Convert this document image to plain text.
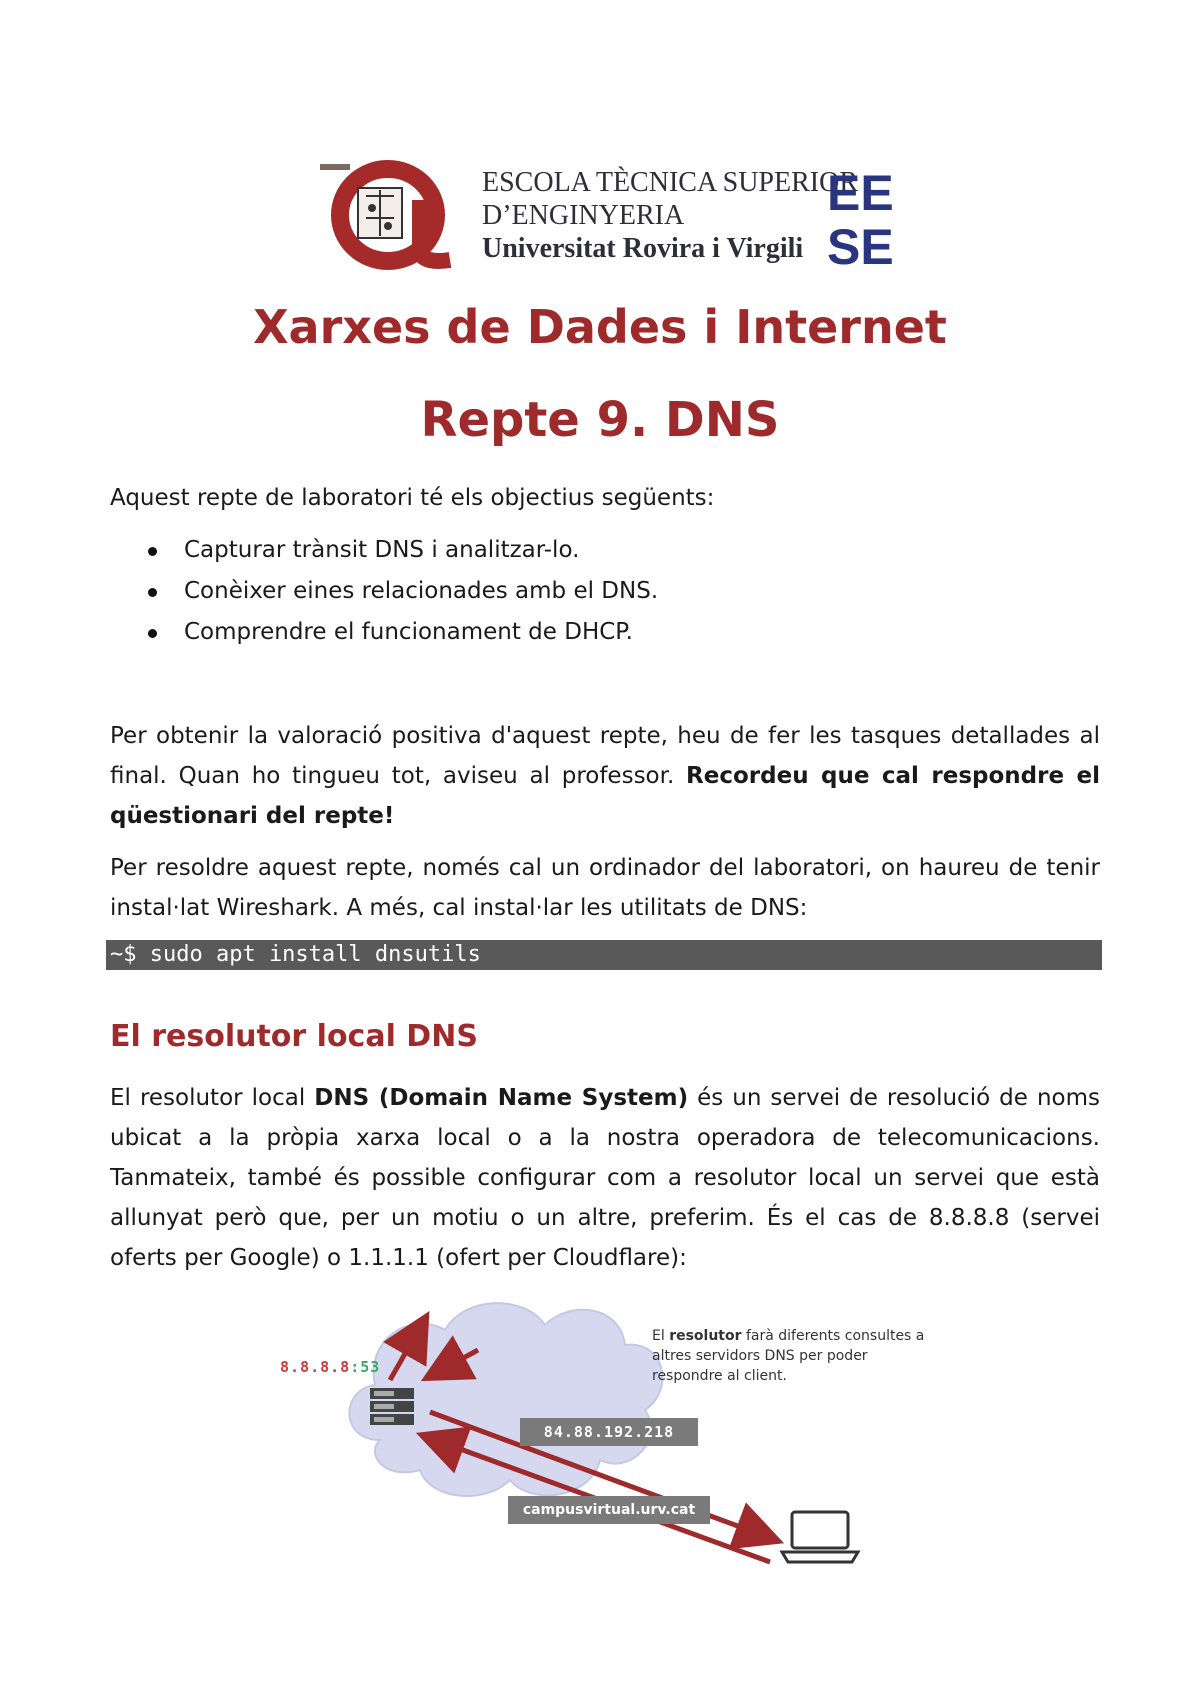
ESCOLA TÈCNICA SUPERIOR
D’ENGINYERIA
Universitat Rovira i Virgili
EE
SE
Xarxes de Dades i Internet
Repte 9. DNS

Aquest repte de laboratori té els objectius següents:

Capturar trànsit DNS i analitzar-lo.
Conèixer eines relacionades amb el DNS.
Comprendre el funcionament de DHCP.

Per obtenir la valoració positiva d'aquest repte, heu de fer les tasques detallades al final. Quan ho tingueu tot, aviseu al professor. Recordeu que cal respondre el qüestionari del repte!

Per resoldre aquest repte, només cal un ordinador del laboratori, on haureu de tenir instal·lat Wireshark. A més, cal instal·lar les utilitats de DNS:

~$ sudo apt install dnsutils
El resolutor local DNS

El resolutor local DNS (Domain Name System) és un servei de resolució de noms ubicat a la pròpia xarxa local o a la nostra operadora de telecomunicacions. Tanmateix, també és possible configurar com a resolutor local un servei que està allunyat però que, per un motiu o un altre, preferim. És el cas de 8.8.8.8 (servei oferts per Google) o 1.1.1.1 (ofert per Cloudflare):

8.8.8.8:53
El resolutor farà diferents consultes a altres servidors DNS per poder respondre al client.
84.88.192.218
campusvirtual.urv.cat
